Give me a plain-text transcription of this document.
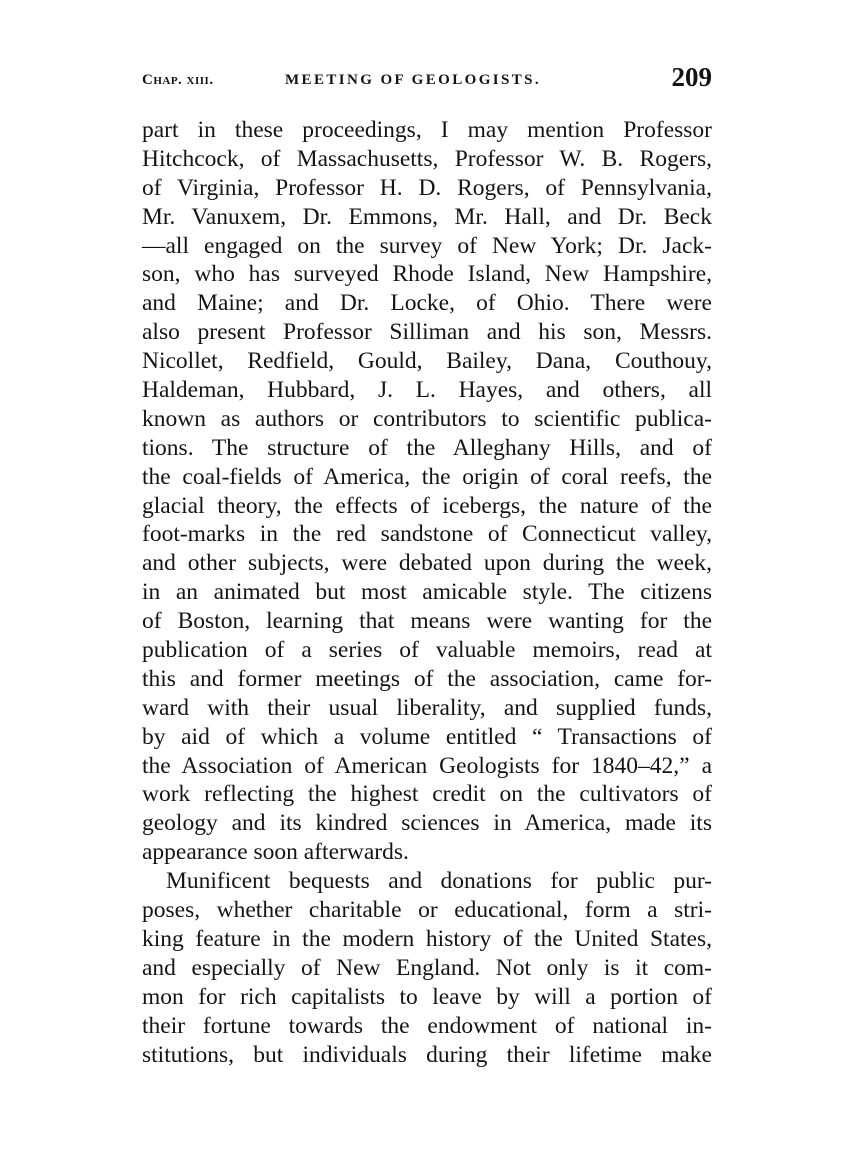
Chap. xiii.	MEETING OF GEOLOGISTS.	209
part in these proceedings, I may mention Professor
Hitchcock, of Massachusetts, Professor W. B. Rogers,
of Virginia, Professor H. D. Rogers, of Pennsylvania,
Mr. Vanuxem, Dr. Emmons, Mr. Hall, and Dr. Beck
—all engaged on the survey of New York; Dr. Jack-
son, who has surveyed Rhode Island, New Hampshire,
and Maine; and Dr. Locke, of Ohio. There were
also present Professor Silliman and his son, Messrs.
Nicollet, Redfield, Gould, Bailey, Dana, Couthouy,
Haldeman, Hubbard, J. L. Hayes, and others, all
known as authors or contributors to scientific publica-
tions. The structure of the Alleghany Hills, and of
the coal-fields of America, the origin of coral reefs, the
glacial theory, the effects of icebergs, the nature of the
foot-marks in the red sandstone of Connecticut valley,
and other subjects, were debated upon during the week,
in an animated but most amicable style. The citizens
of Boston, learning that means were wanting for the
publication of a series of valuable memoirs, read at
this and former meetings of the association, came for-
ward with their usual liberality, and supplied funds,
by aid of which a volume entitled “ Transactions of
the Association of American Geologists for 1840–42,” a
work reflecting the highest credit on the cultivators of
geology and its kindred sciences in America, made its
appearance soon afterwards.
Munificent bequests and donations for public pur-
poses, whether charitable or educational, form a stri-
king feature in the modern history of the United States,
and especially of New England. Not only is it com-
mon for rich capitalists to leave by will a portion of
their fortune towards the endowment of national in-
stitutions, but individuals during their lifetime make
